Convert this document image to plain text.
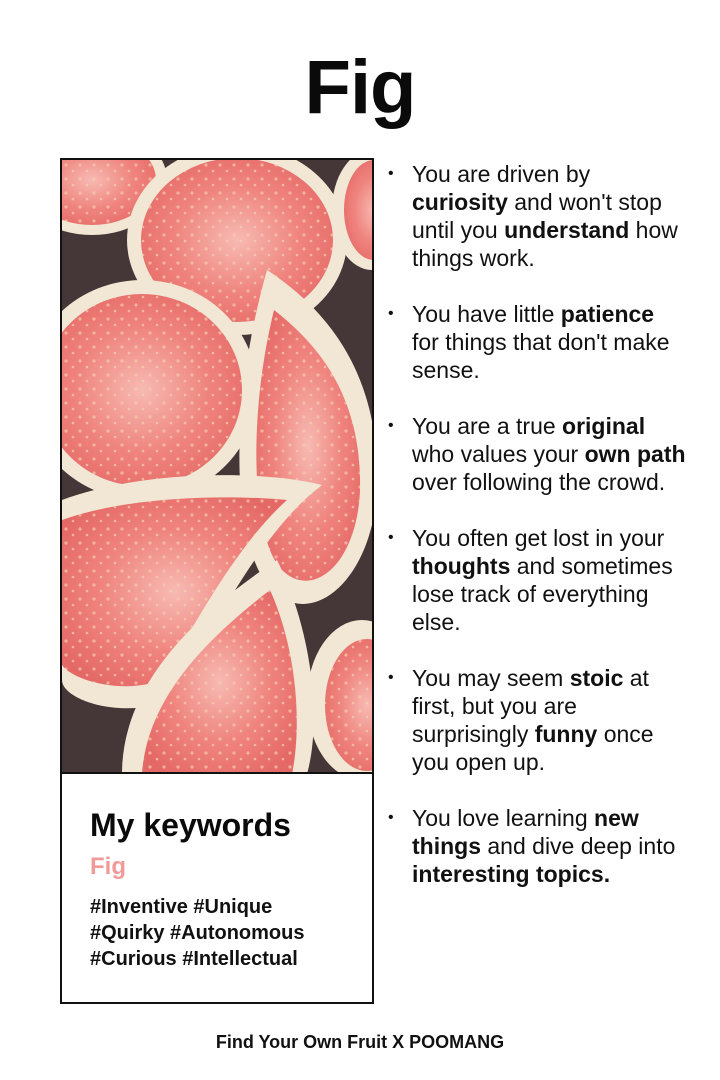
Fig
My keywords
Fig
#Inventive #Unique
#Quirky #Autonomous
#Curious #Intellectual
• You are driven by curiosity and won't stop until you understand how things work.
• You have little patience for things that don't make sense.
• You are a true original who values your own path over following the crowd.
• You often get lost in your thoughts and sometimes lose track of everything else.
• You may seem stoic at first, but you are surprisingly funny once you open up.
• You love learning new things and dive deep into interesting topics.
Find Your Own Fruit X POOMANG
